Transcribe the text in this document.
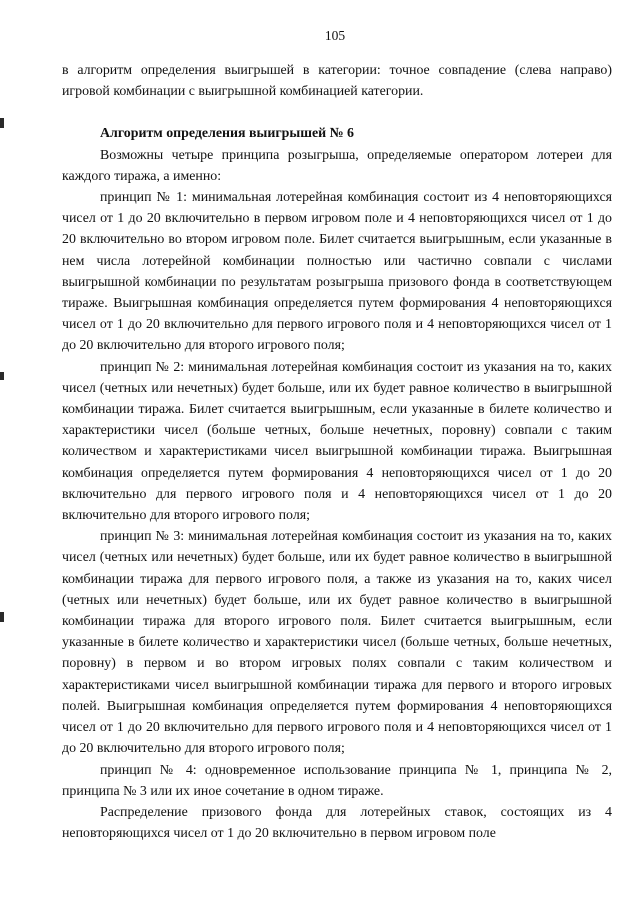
105

в алгоритм определения выигрышей в категории: точное совпадение (слева направо) игровой комбинации с выигрышной комбинацией категории.

Алгоритм определения выигрышей № 6

Возможны четыре принципа розыгрыша, определяемые оператором лотереи для каждого тиража, а именно:

принцип № 1: минимальная лотерейная комбинация состоит из 4 неповторяющихся чисел от 1 до 20 включительно в первом игровом поле и 4 неповторяющихся чисел от 1 до 20 включительно во втором игровом поле. Билет считается выигрышным, если указанные в нем числа лотерейной комбинации полностью или частично совпали с числами выигрышной комбинации по результатам розыгрыша призового фонда в соответствующем тираже. Выигрышная комбинация определяется путем формирования 4 неповторяющихся чисел от 1 до 20 включительно для первого игрового поля и 4 неповторяющихся чисел от 1 до 20 включительно для второго игрового поля;

принцип № 2: минимальная лотерейная комбинация состоит из указания на то, каких чисел (четных или нечетных) будет больше, или их будет равное количество в выигрышной комбинации тиража. Билет считается выигрышным, если указанные в билете количество и характеристики чисел (больше четных, больше нечетных, поровну) совпали с таким количеством и характеристиками чисел выигрышной комбинации тиража. Выигрышная комбинация определяется путем формирования 4 неповторяющихся чисел от 1 до 20 включительно для первого игрового поля и 4 неповторяющихся чисел от 1 до 20 включительно для второго игрового поля;

принцип № 3: минимальная лотерейная комбинация состоит из указания на то, каких чисел (четных или нечетных) будет больше, или их будет равное количество в выигрышной комбинации тиража для первого игрового поля, а также из указания на то, каких чисел (четных или нечетных) будет больше, или их будет равное количество в выигрышной комбинации тиража для второго игрового поля. Билет считается выигрышным, если указанные в билете количество и характеристики чисел (больше четных, больше нечетных, поровну) в первом и во втором игровых полях совпали с таким количеством и характеристиками чисел выигрышной комбинации тиража для первого и второго игровых полей. Выигрышная комбинация определяется путем формирования 4 неповторяющихся чисел от 1 до 20 включительно для первого игрового поля и 4 неповторяющихся чисел от 1 до 20 включительно для второго игрового поля;

принцип № 4: одновременное использование принципа № 1, принципа № 2, принципа № 3 или их иное сочетание в одном тираже.

Распределение призового фонда для лотерейных ставок, состоящих из 4 неповторяющихся чисел от 1 до 20 включительно в первом игровом поле
